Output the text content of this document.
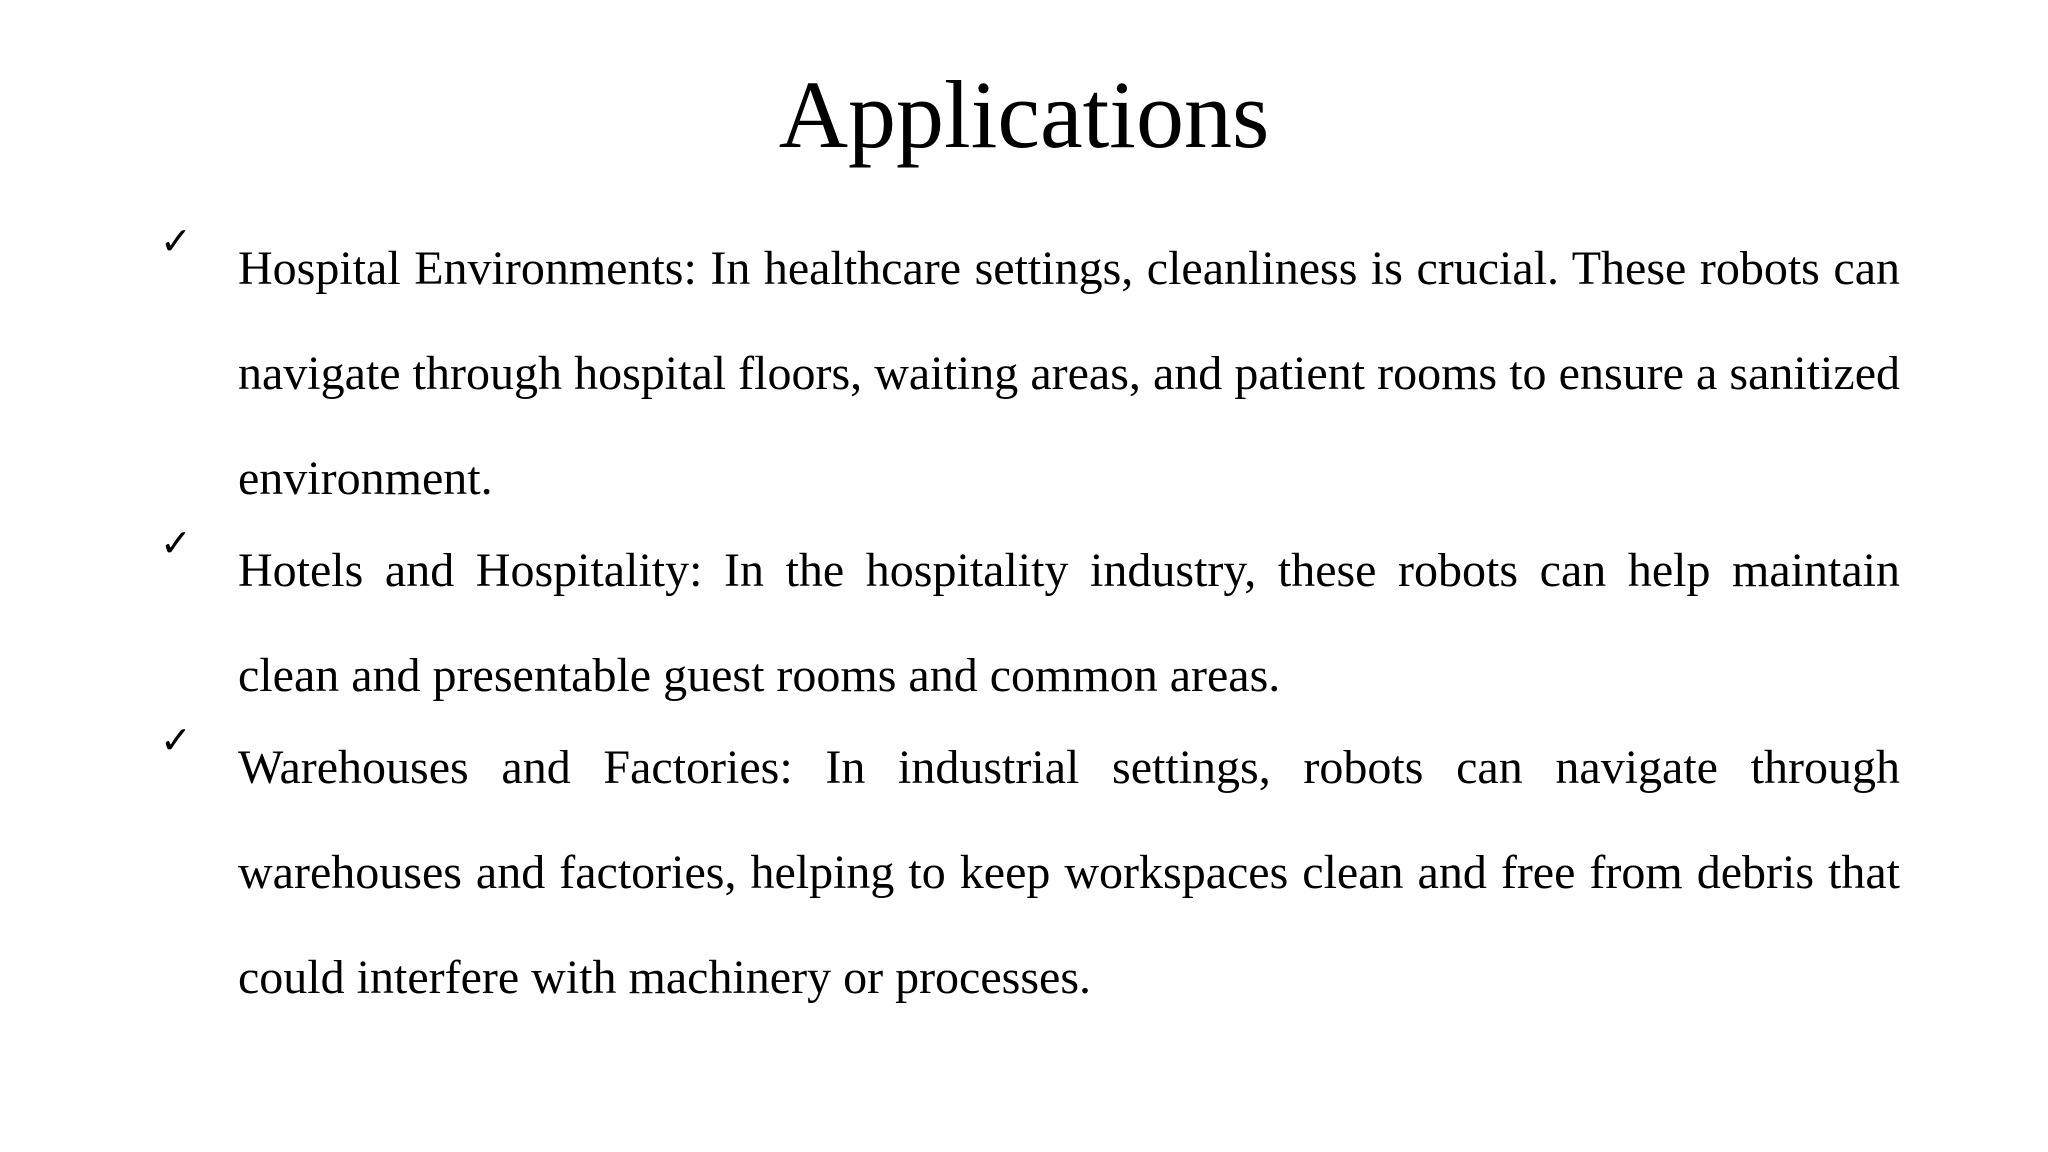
Applications
✓
Hospital Environments: In healthcare settings, cleanliness is crucial. These robots can navigate through hospital floors, waiting areas, and patient rooms to ensure a sanitized environment.
✓
Hotels and Hospitality: In the hospitality industry, these robots can help maintain clean and presentable guest rooms and common areas.
✓
Warehouses and Factories: In industrial settings, robots can navigate through warehouses and factories, helping to keep workspaces clean and free from debris that could interfere with machinery or processes.
